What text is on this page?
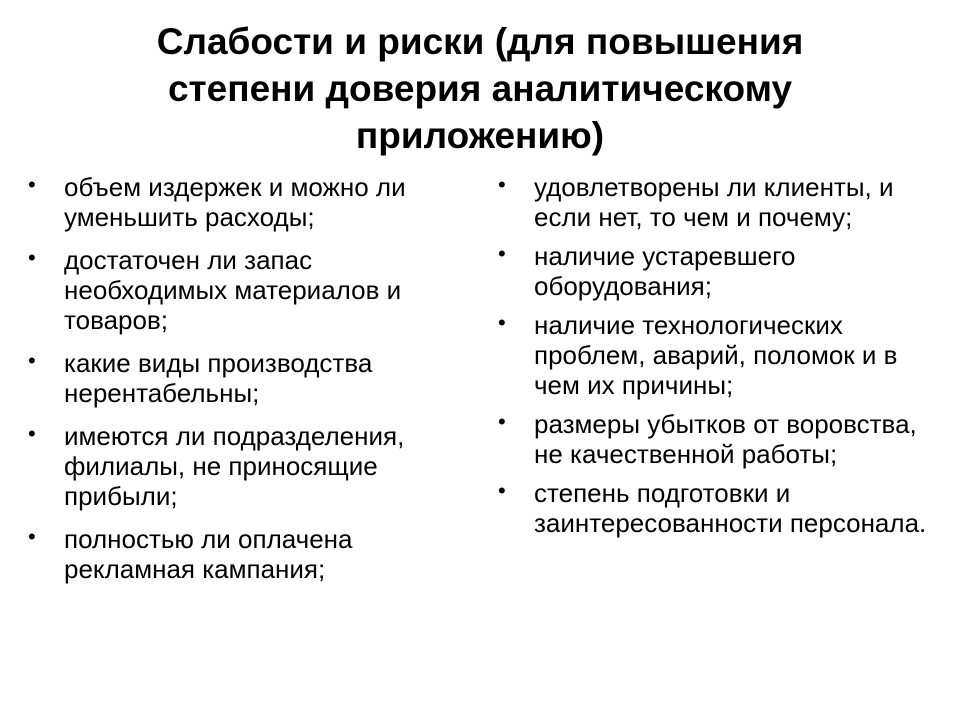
Слабости и риски (для повышения
степени доверия аналитическому
приложению)
• объем издержек и можно ли уменьшить расходы;
• достаточен ли запас необходимых материалов и товаров;
• какие виды производства нерентабельны;
• имеются ли подразделения, филиалы, не приносящие прибыли;
• полностью ли оплачена рекламная кампания;
• удовлетворены ли клиенты, и если нет, то чем и почему;
• наличие устаревшего оборудования;
• наличие технологических проблем, аварий, поломок и в чем их причины;
• размеры убытков от воровства, не качественной работы;
• степень подготовки и заинтересованности персонала.
